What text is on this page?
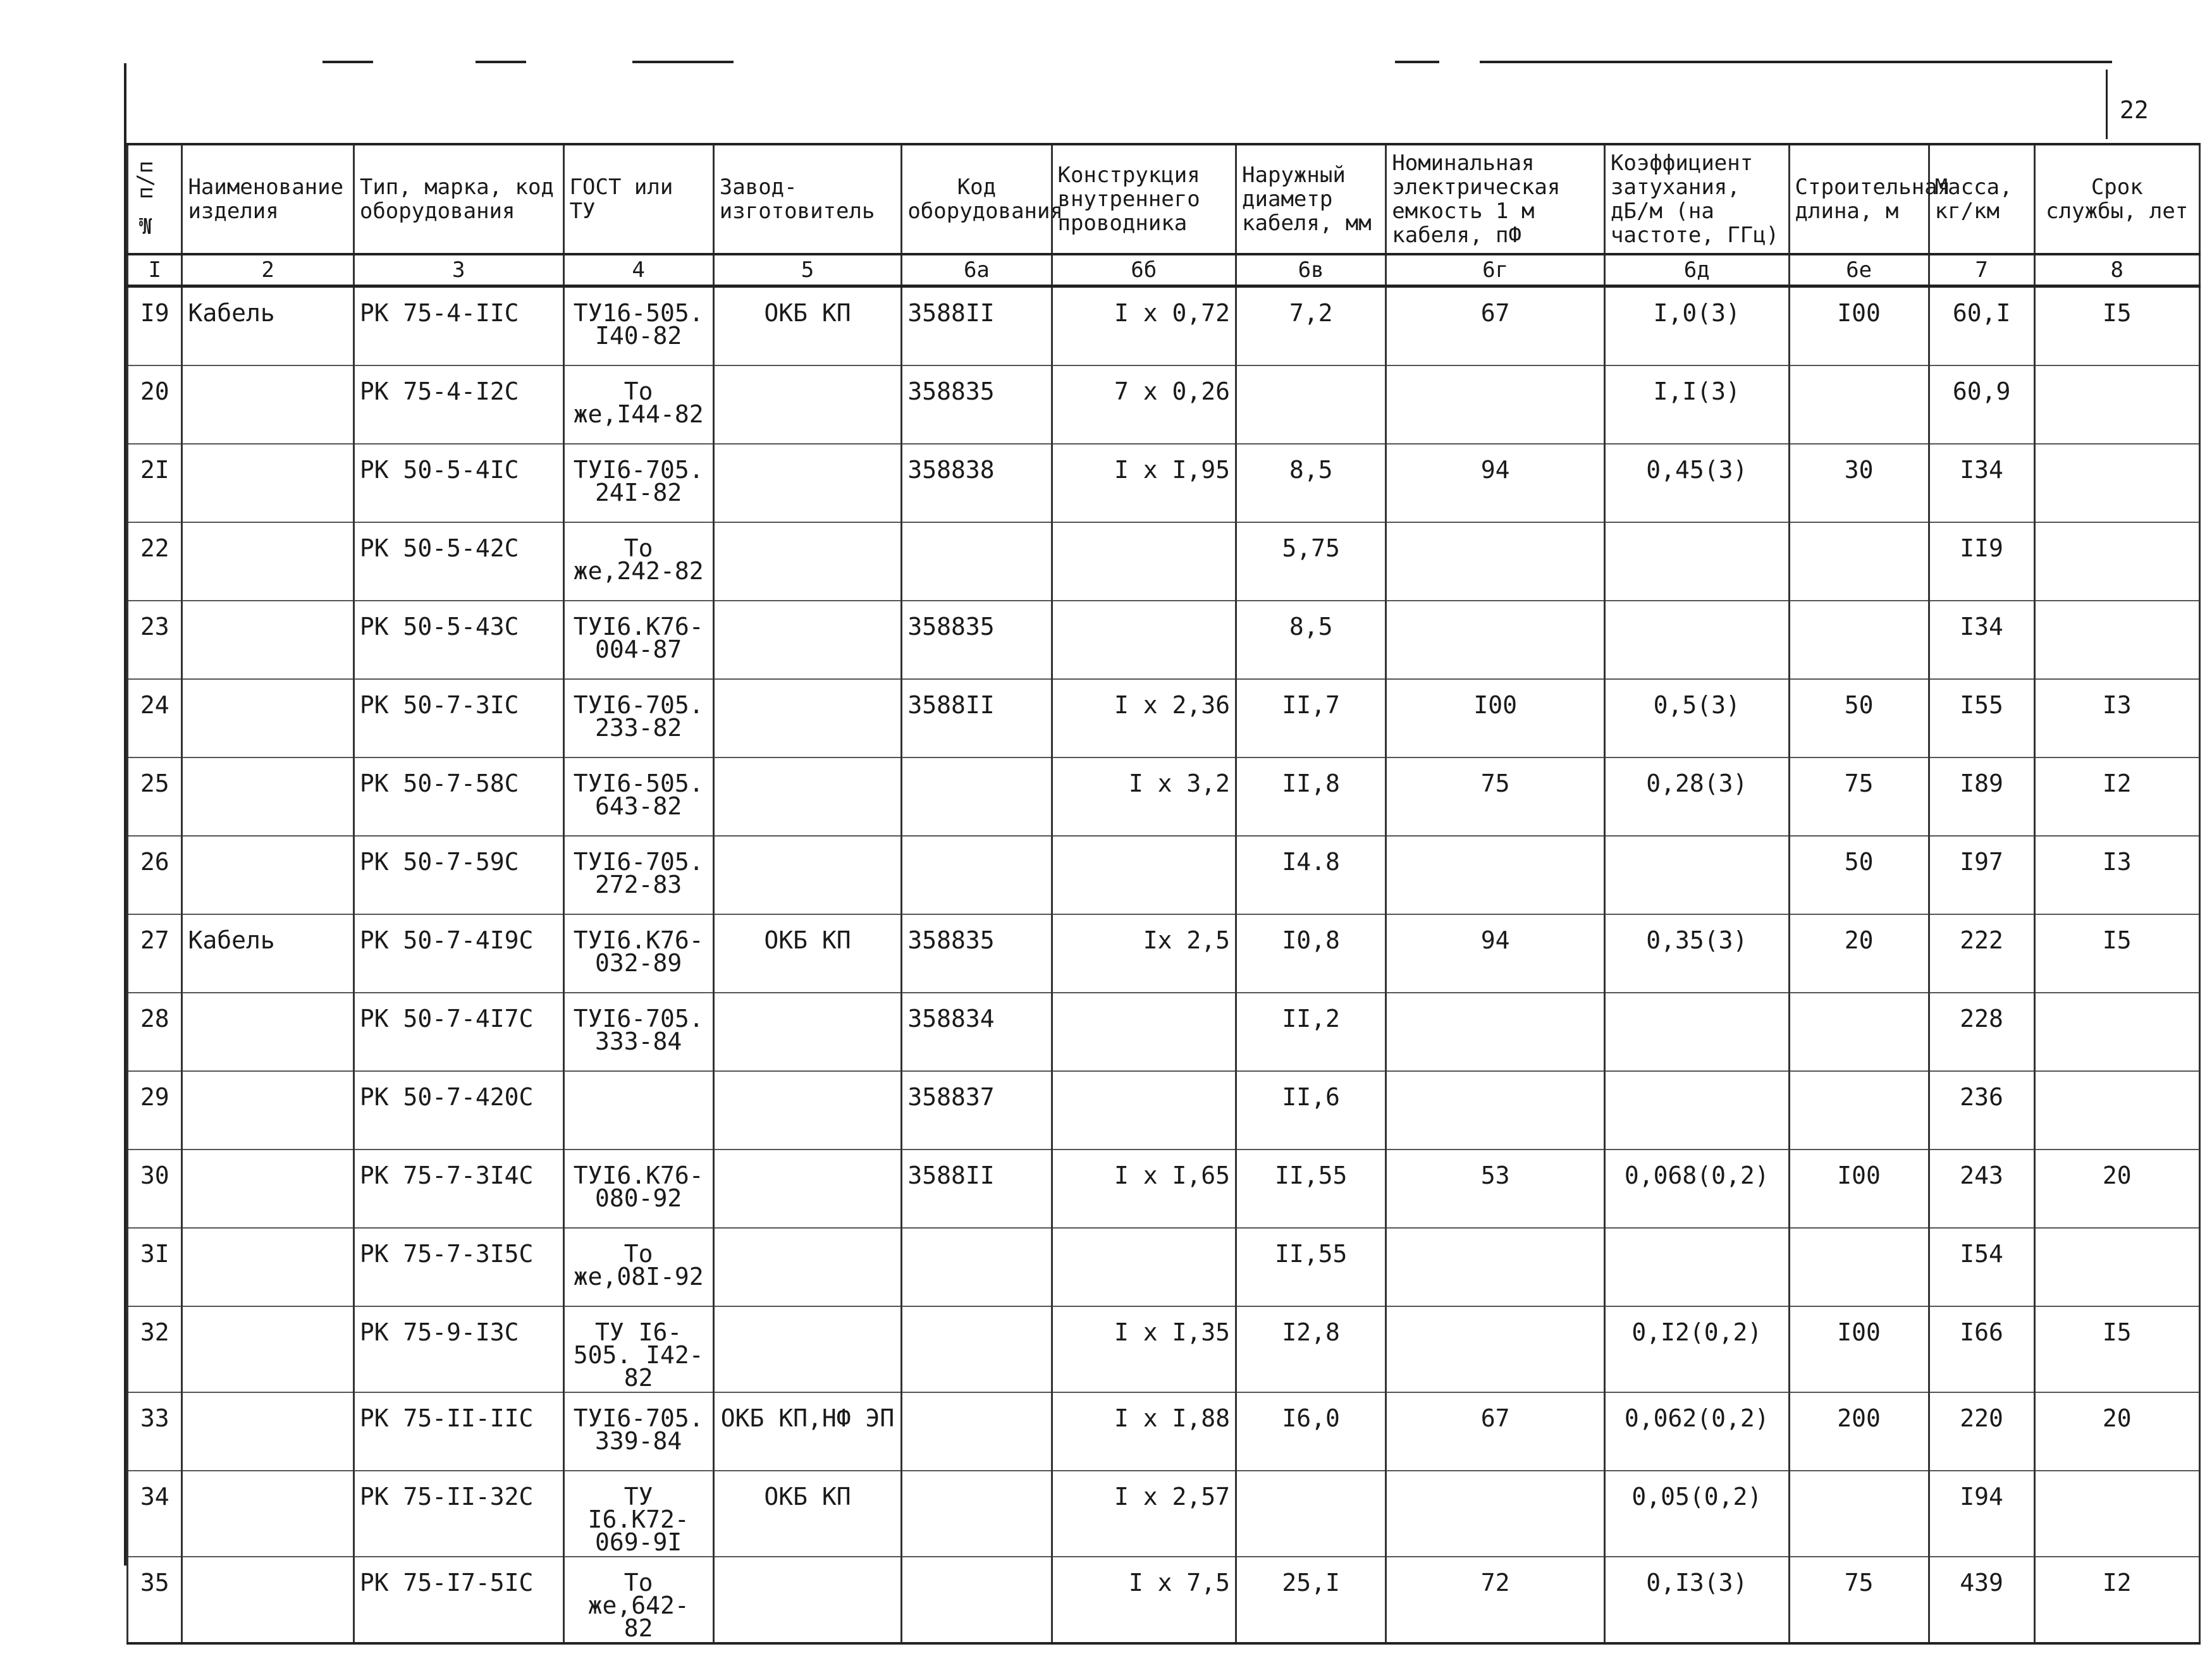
22
№ п/п	Наименование изделия	Тип, марка, код оборудования	ГОСТ или ТУ	Завод-изготовитель	Код оборудования	Конструкция внутреннего проводника	Наружный диаметр кабеля, мм	Номинальная электрическая емкость 1 м кабеля, пФ	Коэффициент затухания, дБ/м (на частоте, ГГц)	Строительная длина, м	Масса, кг/км	Срок службы, лет
I	2	3	4	5	6а	6б	6в	6г	6д	6е	7	8
I9	Кабель	РК 75-4-IIС	ТУ16-505. I40-82	ОКБ КП	3588II	I x 0,72	7,2	67	I,0(3)	I00	60,I	I5
20		РК 75-4-I2С	То же,I44-82		358835	7 x 0,26			I,I(3)		60,9	
2I		РК 50-5-4IС	ТУI6-705. 24I-82		358838	I x I,95	8,5	94	0,45(3)	30	I34	
22		РК 50-5-42С	То же,242-82				5,75				II9	
23		РК 50-5-43С	ТУI6.К76- 004-87		358835		8,5				I34	
24		РК 50-7-3IС	ТУI6-705. 233-82		3588II	I x 2,36	II,7	I00	0,5(3)	50	I55	I3
25		РК 50-7-58С	ТУI6-505. 643-82			I x 3,2	II,8	75	0,28(3)	75	I89	I2
26		РК 50-7-59С	ТУI6-705. 272-83				I4.8			50	I97	I3
27	Кабель	РК 50-7-4I9С	ТУI6.К76- 032-89	ОКБ КП	358835	Ix 2,5	I0,8	94	0,35(3)	20	222	I5
28		РК 50-7-4I7С	ТУI6-705. 333-84		358834		II,2				228	
29		РК 50-7-420С			358837		II,6				236	
30		РК 75-7-3I4С	ТУI6.К76- 080-92		3588II	I x I,65	II,55	53	0,068(0,2)	I00	243	20
3I		РК 75-7-3I5С	То же,08I-92				II,55				I54	
32		РК 75-9-I3С	ТУ I6-505. I42-82			I x I,35	I2,8		0,I2(0,2)	I00	I66	I5
33		РК 75-II-IIС	ТУI6-705. 339-84	ОКБ КП,НФ ЭП		I x I,88	I6,0	67	0,062(0,2)	200	220	20
34		РК 75-II-32С	ТУ I6.К72- 069-9I	ОКБ КП		I x 2,57			0,05(0,2)		I94	
35		РК 75-I7-5IС	То же,642- 82			I x 7,5	25,I	72	0,I3(3)	75	439	I2
